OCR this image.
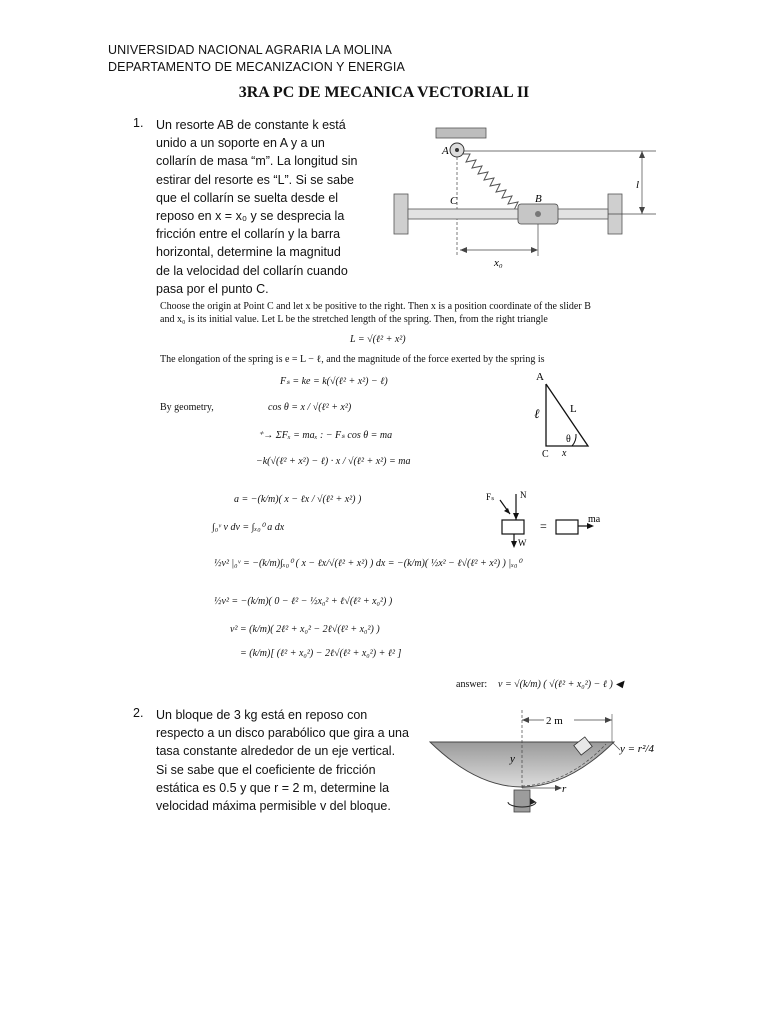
UNIVERSIDAD NACIONAL AGRARIA LA MOLINA
DEPARTAMENTO DE MECANIZACION Y ENERGIA
3RA PC DE MECANICA VECTORIAL II
1. Un resorte AB de constante k está
unido a un soporte en A y a un
collarín de masa “m”. La longitud sin
estirar del resorte es “L”. Si se sabe
que el collarín se suelta desde el
reposo en x = x₀ y se desprecia la
fricción entre el collarín y la barra
horizontal, determine la magnitud
de la velocidad del collarín cuando
pasa por el punto C.
A
C
l
B
x₀
Choose the origin at Point C and let x be positive to the right. Then x is a position coordinate of the slider B
and x₀ is its initial value. Let L be the stretched length of the spring. Then, from the right triangle
L = √(ℓ² + x²)
The elongation of the spring is e = L − ℓ, and the magnitude of the force exerted by the spring is
Fₛ = ke = k(√(ℓ² + x²) − ℓ)
By geometry,	cos θ = x / √(ℓ² + x²)
⁺→ ΣFₓ = maₓ : − Fₛ cos θ = ma
−k(√(ℓ² + x²) − ℓ) · x / √(ℓ² + x²) = ma
a = −(k/m)( x − ℓx / √(ℓ² + x²) )
∫₀ᵛ v dv = ∫ₓ₀⁰ a dx
½v² |₀ᵛ = −(k/m)∫ₓ₀⁰ ( x − ℓx/√(ℓ² + x²) ) dx = −(k/m)( ½x² − ℓ√(ℓ² + x²) ) |ₓ₀⁰
½v² = −(k/m)( 0 − ℓ² − ½x₀² + ℓ√(ℓ² + x₀²) )
v² = (k/m)( 2ℓ² + x₀² − 2ℓ√(ℓ² + x₀²) )
= (k/m)[ (ℓ² + x₀²) − 2ℓ√(ℓ² + x₀²) + ℓ² ]
answer: v = √(k/m) ( √(ℓ² + x₀²) − ℓ ) ◀
A
ℓ	L
θ
C x
Fₛ	N
W
=	ma
2. Un bloque de 3 kg está en reposo con
respecto a un disco parabólico que gira a una
tasa constante alrededor de un eje vertical.
Si se sabe que el coeficiente de fricción
estática es 0.5 y que r = 2 m, determine la
velocidad máxima permisible v del bloque.
2 m
y
r
y = r²/4
